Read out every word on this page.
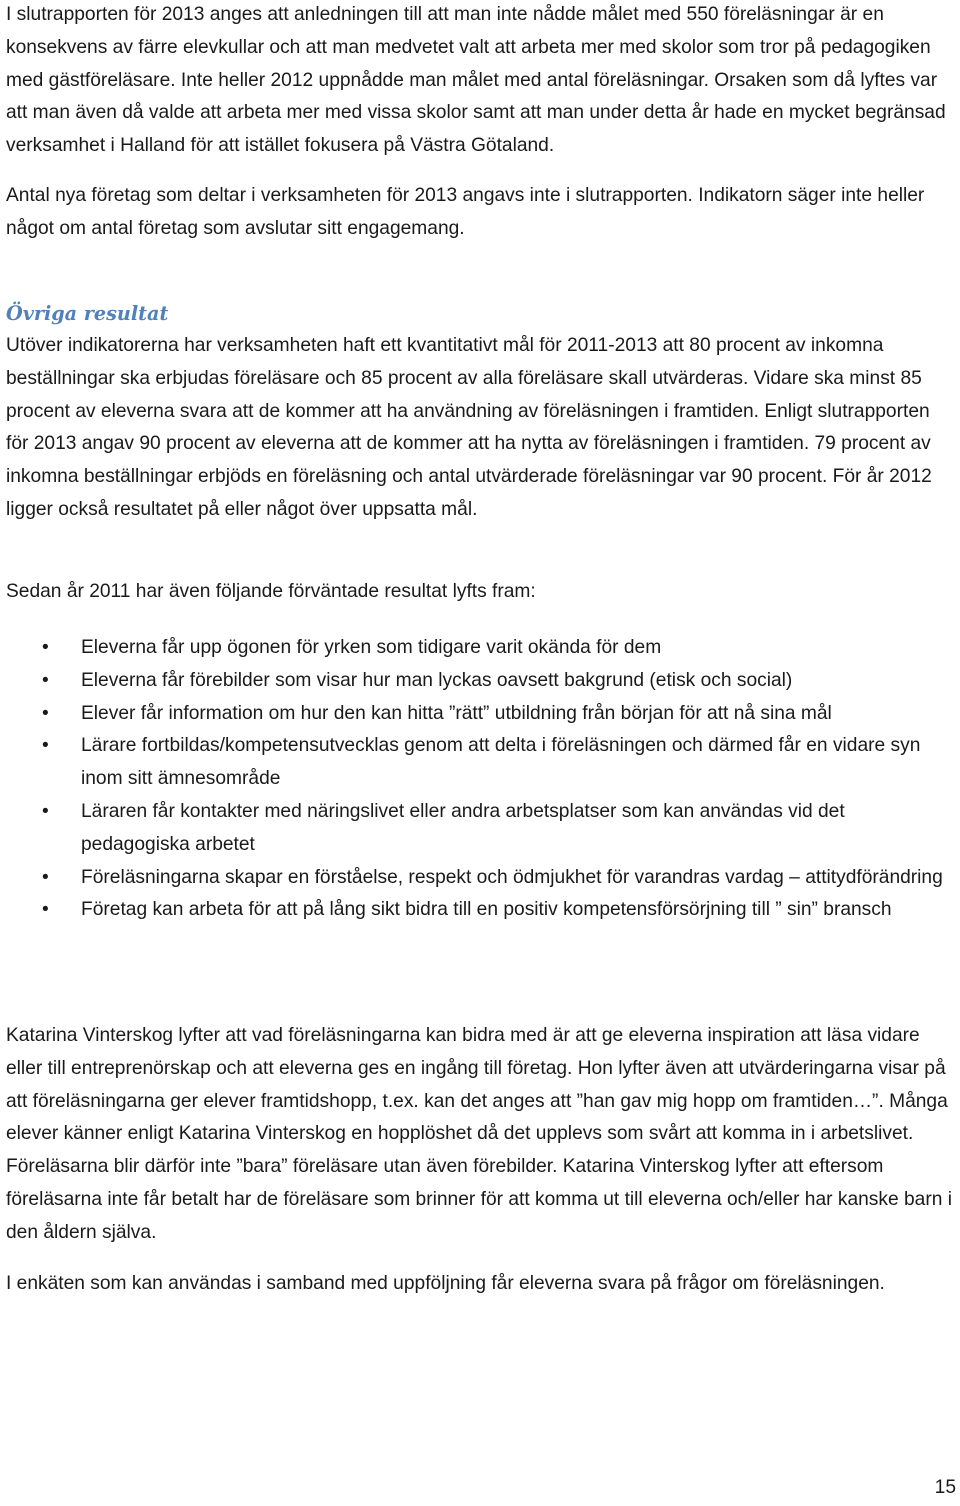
I slutrapporten för 2013 anges att anledningen till att man inte nådde målet med 550 föreläsningar är en konsekvens av färre elevkullar och att man medvetet valt att arbeta mer med skolor som tror på pedagogiken med gästföreläsare. Inte heller 2012 uppnådde man målet med antal föreläsningar. Orsaken som då lyftes var att man även då valde att arbeta mer med vissa skolor samt att man under detta år hade en mycket begränsad verksamhet i Halland för att istället fokusera på Västra Götaland.

Antal nya företag som deltar i verksamheten för 2013 angavs inte i slutrapporten. Indikatorn säger inte heller något om antal företag som avslutar sitt engagemang.

Övriga resultat

Utöver indikatorerna har verksamheten haft ett kvantitativt mål för 2011-2013 att 80 procent av inkomna beställningar ska erbjudas föreläsare och 85 procent av alla föreläsare skall utvärderas. Vidare ska minst 85 procent av eleverna svara att de kommer att ha användning av föreläsningen i framtiden. Enligt slutrapporten för 2013 angav 90 procent av eleverna att de kommer att ha nytta av föreläsningen i framtiden. 79 procent av inkomna beställningar erbjöds en föreläsning och antal utvärderade föreläsningar var 90 procent. För år 2012 ligger också resultatet på eller något över uppsatta mål.

Sedan år 2011 har även följande förväntade resultat lyfts fram:

• Eleverna får upp ögonen för yrken som tidigare varit okända för dem
• Eleverna får förebilder som visar hur man lyckas oavsett bakgrund (etisk och social)
• Elever får information om hur den kan hitta ”rätt” utbildning från början för att nå sina mål
• Lärare fortbildas/kompetensutvecklas genom att delta i föreläsningen och därmed får en vidare syn inom sitt ämnesområde
• Läraren får kontakter med näringslivet eller andra arbetsplatser som kan användas vid det pedagogiska arbetet
• Föreläsningarna skapar en förståelse, respekt och ödmjukhet för varandras vardag – attitydförändring
• Företag kan arbeta för att på lång sikt bidra till en positiv kompetensförsörjning till ” sin” bransch

Katarina Vinterskog lyfter att vad föreläsningarna kan bidra med är att ge eleverna inspiration att läsa vidare eller till entreprenörskap och att eleverna ges en ingång till företag. Hon lyfter även att utvärderingarna visar på att föreläsningarna ger elever framtidshopp, t.ex. kan det anges att ”han gav mig hopp om framtiden…”. Många elever känner enligt Katarina Vinterskog en hopplöshet då det upplevs som svårt att komma in i arbetslivet. Föreläsarna blir därför inte ”bara” föreläsare utan även förebilder. Katarina Vinterskog lyfter att eftersom föreläsarna inte får betalt har de föreläsare som brinner för att komma ut till eleverna och/eller har kanske barn i den åldern själva.

I enkäten som kan användas i samband med uppföljning får eleverna svara på frågor om föreläsningen.

15
